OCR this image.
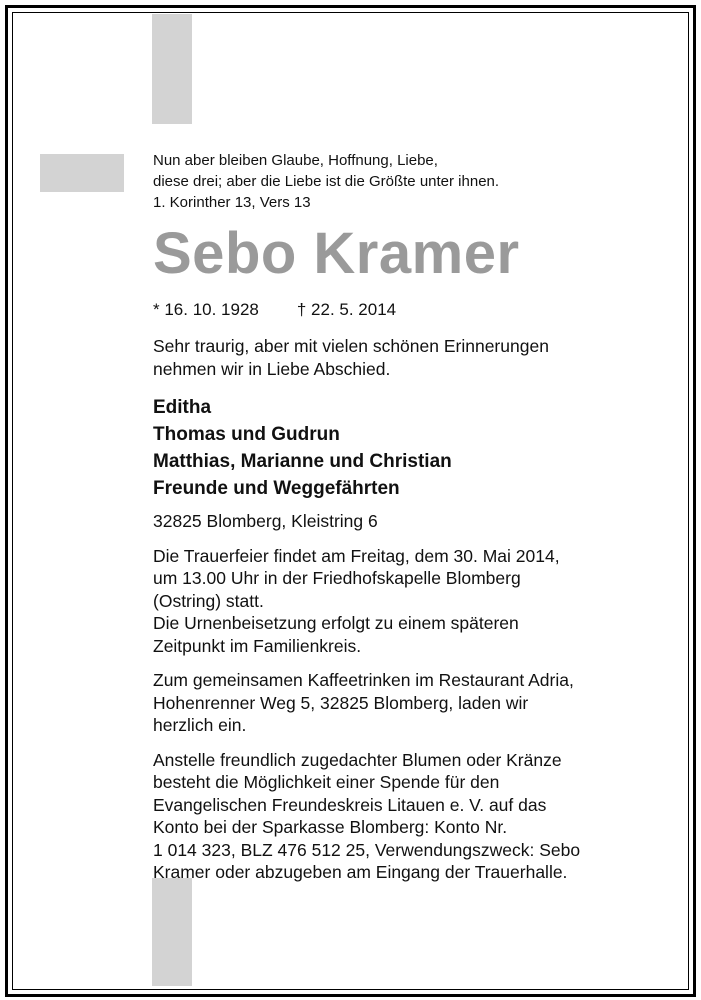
Nun aber bleiben Glaube, Hoffnung, Liebe,
diese drei; aber die Liebe ist die Größte unter ihnen.
1. Korinther 13, Vers 13
Sebo Kramer
* 16. 10. 1928 † 22. 5. 2014
Sehr traurig, aber mit vielen schönen Erinnerungen
nehmen wir in Liebe Abschied.
Editha
Thomas und Gudrun
Matthias, Marianne und Christian
Freunde und Weggefährten
32825 Blomberg, Kleistring 6
Die Trauerfeier findet am Freitag, dem 30. Mai 2014,
um 13.00 Uhr in der Friedhofskapelle Blomberg
(Ostring) statt.
Die Urnenbeisetzung erfolgt zu einem späteren
Zeitpunkt im Familienkreis.
Zum gemeinsamen Kaffeetrinken im Restaurant Adria,
Hohenrenner Weg 5, 32825 Blomberg, laden wir
herzlich ein.
Anstelle freundlich zugedachter Blumen oder Kränze
besteht die Möglichkeit einer Spende für den
Evangelischen Freundeskreis Litauen e. V. auf das
Konto bei der Sparkasse Blomberg: Konto Nr.
1 014 323, BLZ 476 512 25, Verwendungszweck: Sebo
Kramer oder abzugeben am Eingang der Trauerhalle.
